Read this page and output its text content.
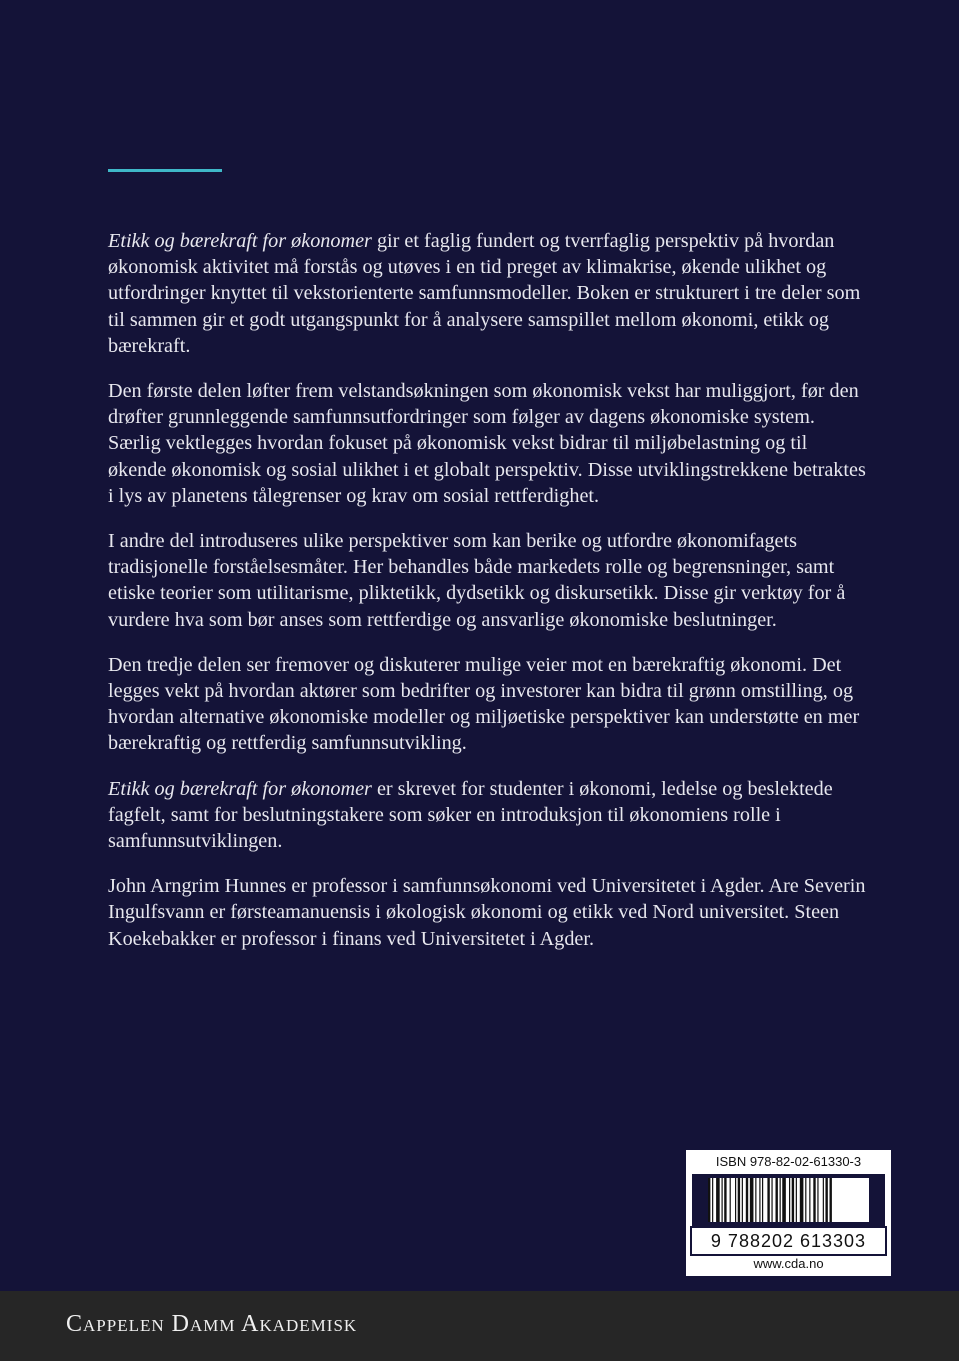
Etikk og bærekraft for økonomer gir et faglig fundert og tverrfaglig perspektiv på hvordan økonomisk aktivitet må forstås og utøves i en tid preget av klimakrise, økende ulikhet og utfordringer knyttet til vekstorienterte samfunnsmodeller. Boken er strukturert i tre deler som til sammen gir et godt utgangspunkt for å analysere samspillet mellom økonomi, etikk og bærekraft.

Den første delen løfter frem velstandsøkningen som økonomisk vekst har muliggjort, før den drøfter grunnleggende samfunnsutfordringer som følger av dagens økonomiske system. Særlig vektlegges hvordan fokuset på økonomisk vekst bidrar til miljøbelastning og til økende økonomisk og sosial ulikhet i et globalt perspektiv. Disse utviklingstrekkene betraktes i lys av planetens tålegrenser og krav om sosial rettferdighet.

I andre del introduseres ulike perspektiver som kan berike og utfordre økonomifagets tradisjonelle forståelsesmåter. Her behandles både markedets rolle og begrensninger, samt etiske teorier som utilitarisme, pliktetikk, dydsetikk og diskursetikk. Disse gir verktøy for å vurdere hva som bør anses som rettferdige og ansvarlige økonomiske beslutninger.

Den tredje delen ser fremover og diskuterer mulige veier mot en bærekraftig økonomi. Det legges vekt på hvordan aktører som bedrifter og investorer kan bidra til grønn omstilling, og hvordan alternative økonomiske modeller og miljøetiske perspektiver kan understøtte en mer bærekraftig og rettferdig samfunnsutvikling.

Etikk og bærekraft for økonomer er skrevet for studenter i økonomi, ledelse og beslektede fagfelt, samt for beslutningstakere som søker en introduksjon til økonomiens rolle i samfunnsutviklingen.

John Arngrim Hunnes er professor i samfunnsøkonomi ved Universitetet i Agder. Are Severin Ingulfsvann er førsteamanuensis i økologisk økonomi og etikk ved Nord universitet. Steen Koekebakker er professor i finans ved Universitetet i Agder.

ISBN 978-82-02-61330-3
9 788202 613303
www.cda.no
Cappelen Damm Akademisk
